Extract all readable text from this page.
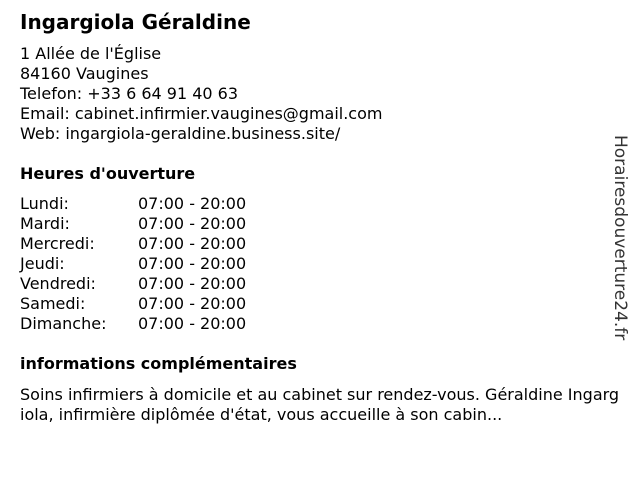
Ingargiola Géraldine
1 Allée de l'Église
84160 Vaugines
Telefon: +33 6 64 91 40 63
Email: cabinet.infirmier.vaugines@gmail.com
Web: ingargiola-geraldine.business.site/
Heures d'ouverture
Lundi:	07:00 - 20:00
Mardi:	07:00 - 20:00
Mercredi:	07:00 - 20:00
Jeudi:	07:00 - 20:00
Vendredi:	07:00 - 20:00
Samedi:	07:00 - 20:00
Dimanche:	07:00 - 20:00
informations complémentaires
Soins infirmiers à domicile et au cabinet sur rendez-vous. Géraldine Ingargiola, infirmière diplômée d'état, vous accueille à son cabin...
Horairesdouverture24.fr
